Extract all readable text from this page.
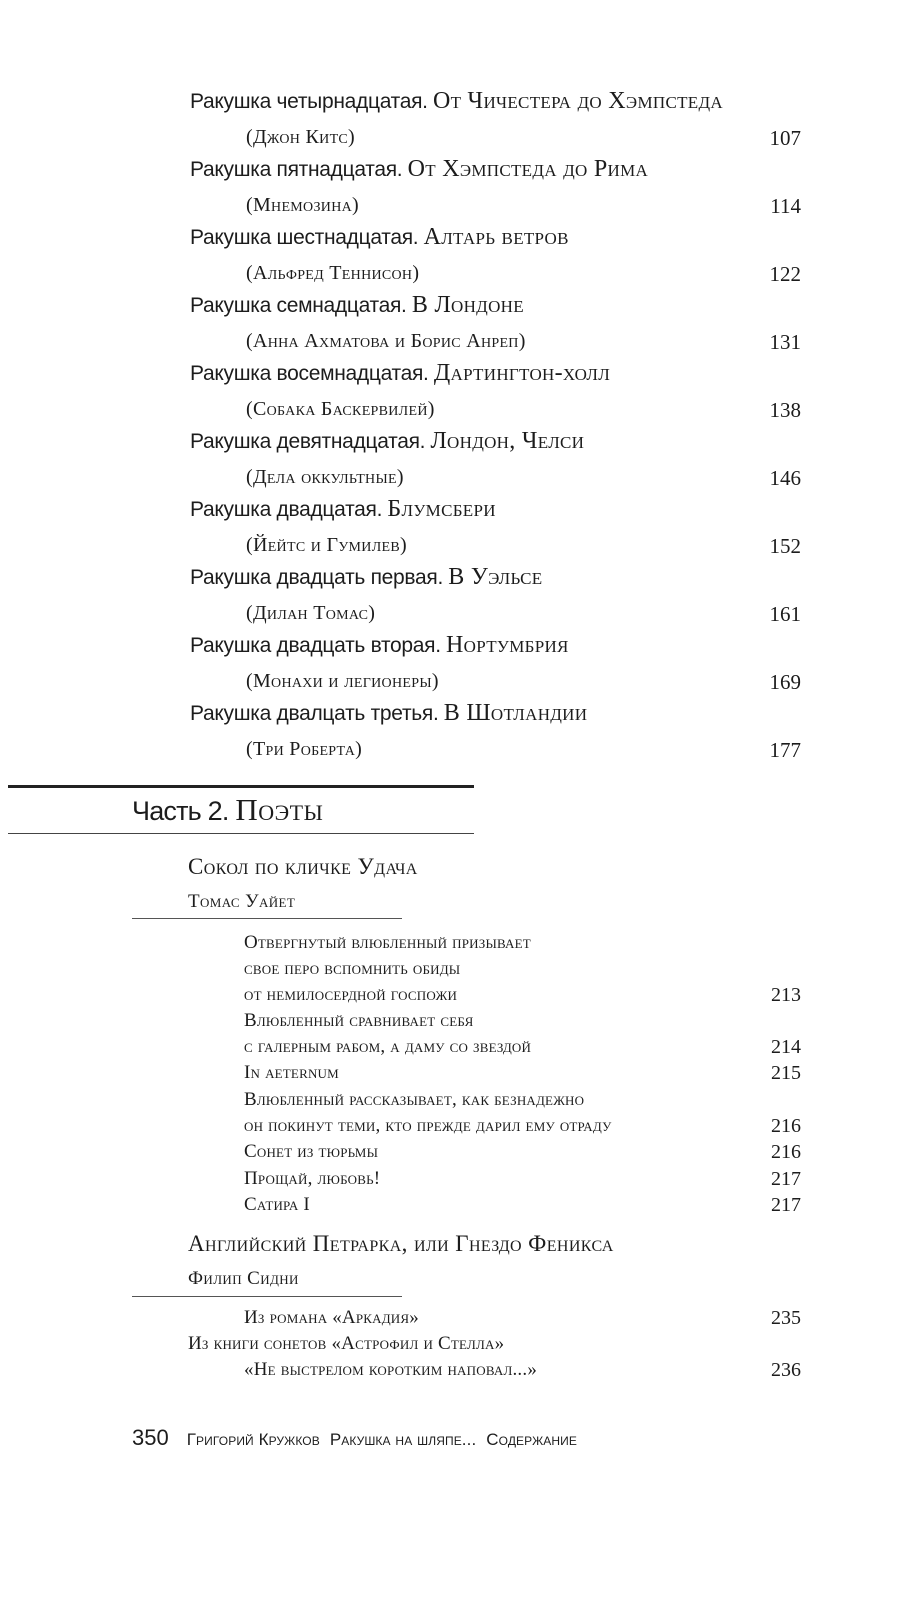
Ракушка четырнадцатая. От Чичестера до Хэмпстеда
(Джон Китс)	107
Ракушка пятнадцатая. От Хэмпстеда до Рима
(Мнемозина)	114
Ракушка шестнадцатая. Алтарь ветров
(Альфред Теннисон)	122
Ракушка семнадцатая. В Лондоне
(Анна Ахматова и Борис Анреп)	131
Ракушка восемнадцатая. Дартингтон-холл
(Собака Баскервилей)	138
Ракушка девятнадцатая. Лондон, Челси
(Дела оккультные)	146
Ракушка двадцатая. Блумсбери
(Йейтс и Гумилев)	152
Ракушка двадцать первая. В Уэльсе
(Дилан Томас)	161
Ракушка двадцать вторая. Нортумбрия
(Монахи и легионеры)	169
Ракушка двалцать третья. В Шотландии
(Три Роберта)	177
Часть 2. Поэты
Сокол по кличке Удача
Томас Уайет
Отвергнутый влюбленный призывает
свое перо вспомнить обиды
от немилосердной госпожи	213
Влюбленный сравнивает себя
с галерным рабом, а даму со звездой	214
In aeternum	215
Влюбленный рассказывает, как безнадежно
он покинут теми, кто прежде дарил ему отраду	216
Сонет из тюрьмы	216
Прощай, любовь!	217
Сатира I	217
Английский Петрарка, или Гнездо Феникса
Филип Сидни
Из романа «Аркадия»	235
Из книги сонетов «Астрофил и Стелла»
«Не выстрелом коротким наповал...»	236
350 Григорий Кружков Ракушка на шляпе... Содержание
